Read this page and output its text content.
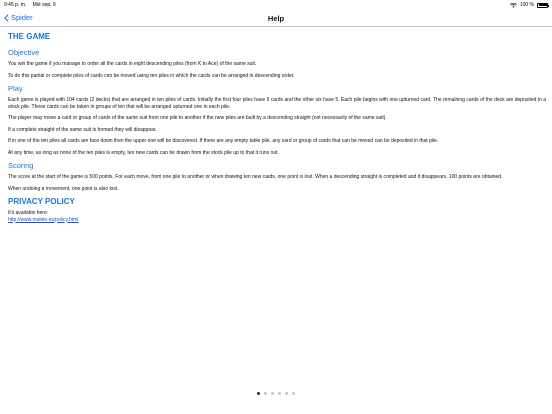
9:45 p. m. Mié sep. 9	100 %
Spider	Help
THE GAME
Objective

You win the game if you manage to order all the cards in eight descending piles (from K to Ace) of the same suit.

To do this partial or complete piles of cards can be moved using ten piles in which the cards can be arranged in descending order.

Play

Each game is played with 104 cards (2 decks) that are arranged in ten piles of cards. Initially the first four piles have 6 cards and the other six have 5. Each pile begins with one upturned card. The remaining cards of the deck are deposited in a stock pile. These cards can be taken in groups of ten that will be arranged upturned one in each pile.

The player may move a card or group of cards of the same suit from one pile to another if the new piles are built by a descending straight (not necessarily of the same suit).

If a complete straight of the same suit is formed they will disappear.

If in one of the ten piles all cards are face down then the upper one will be discovered. If there are any empty table pile, any card or group of cards that can be moved can be deposited in that pile.

At any time, as long as none of the ten piles is empty, ten new cards can be drawn from the stock pile up to that it runs out.

Scoring

The score at the start of the game is 500 points. For each move, from one pile to another or when drawing ten new cards, one point is lost. When a descending straight is completed and it disappears, 100 points are obtained.

When undoing a movement, one point is also lost.

PRIVACY POLICY
It's available here:
http://www.melele.es/policy.html
